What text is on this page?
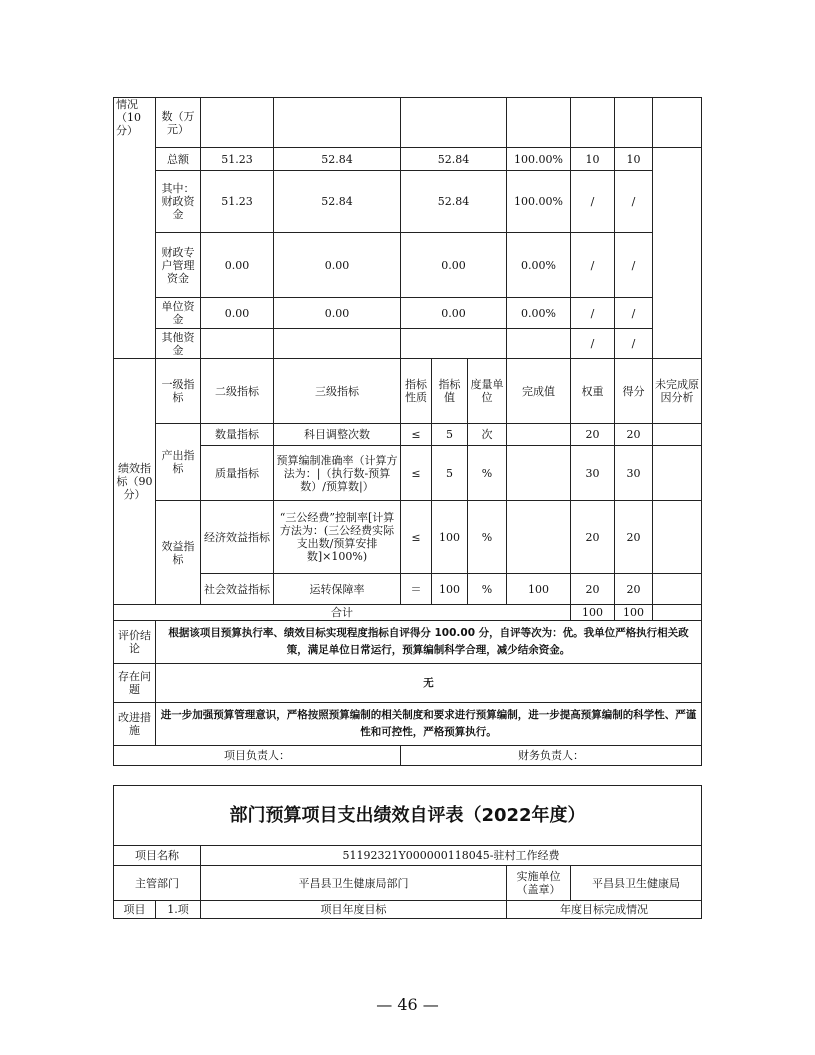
情况（10分）	数（万元）									
	总额	51.23	52.84	52.84			100.00%	10	10	
	其中：财政资金	51.23	52.84	52.84			100.00%	/	/	
	财政专户管理资金	0.00	0.00	0.00			0.00%	/	/	
	单位资金	0.00	0.00	0.00			0.00%	/	/	
	其他资金							/	/	
绩效指标（90分）	一级指标	二级指标	三级指标	指标性质	指标值	度量单位	完成值	权重	得分	未完成原因分析
	产出指标	数量指标	科目调整次数	≤	5	次		20	20	
		质量指标	预算编制准确率（计算方法为：|（执行数-预算数）/预算数|）	≤	5	%		30	30	
	效益指标	经济效益指标	“三公经费”控制率[计算方法为：(三公经费实际支出数/预算安排数]×100%)	≤	100	%		20	20	
		社会效益指标	运转保障率	＝	100	%	100	20	20	

合计								100	100	
评价结论	根据该项目预算执行率、绩效目标实现程度指标自评得分 100.00 分，自评等次为：优。我单位严格执行相关政策，满足单位日常运行，预算编制科学合理，减少结余资金。									
存在问题	无									
改进措施	进一步加强预算管理意识，严格按照预算编制的相关制度和要求进行预算编制，进一步提高预算编制的科学性、严谨性和可控性，严格预算执行。									
项目负责人：				财务负责人：						
部门预算项目支出绩效自评表（2022年度）				
项目名称		51192321Y000000118045-驻村工作经费		
主管部门		平昌县卫生健康局部门	实施单位（盖章）	平昌县卫生健康局
项目	1.项	项目年度目标	年度目标完成情况	
— 46 —
